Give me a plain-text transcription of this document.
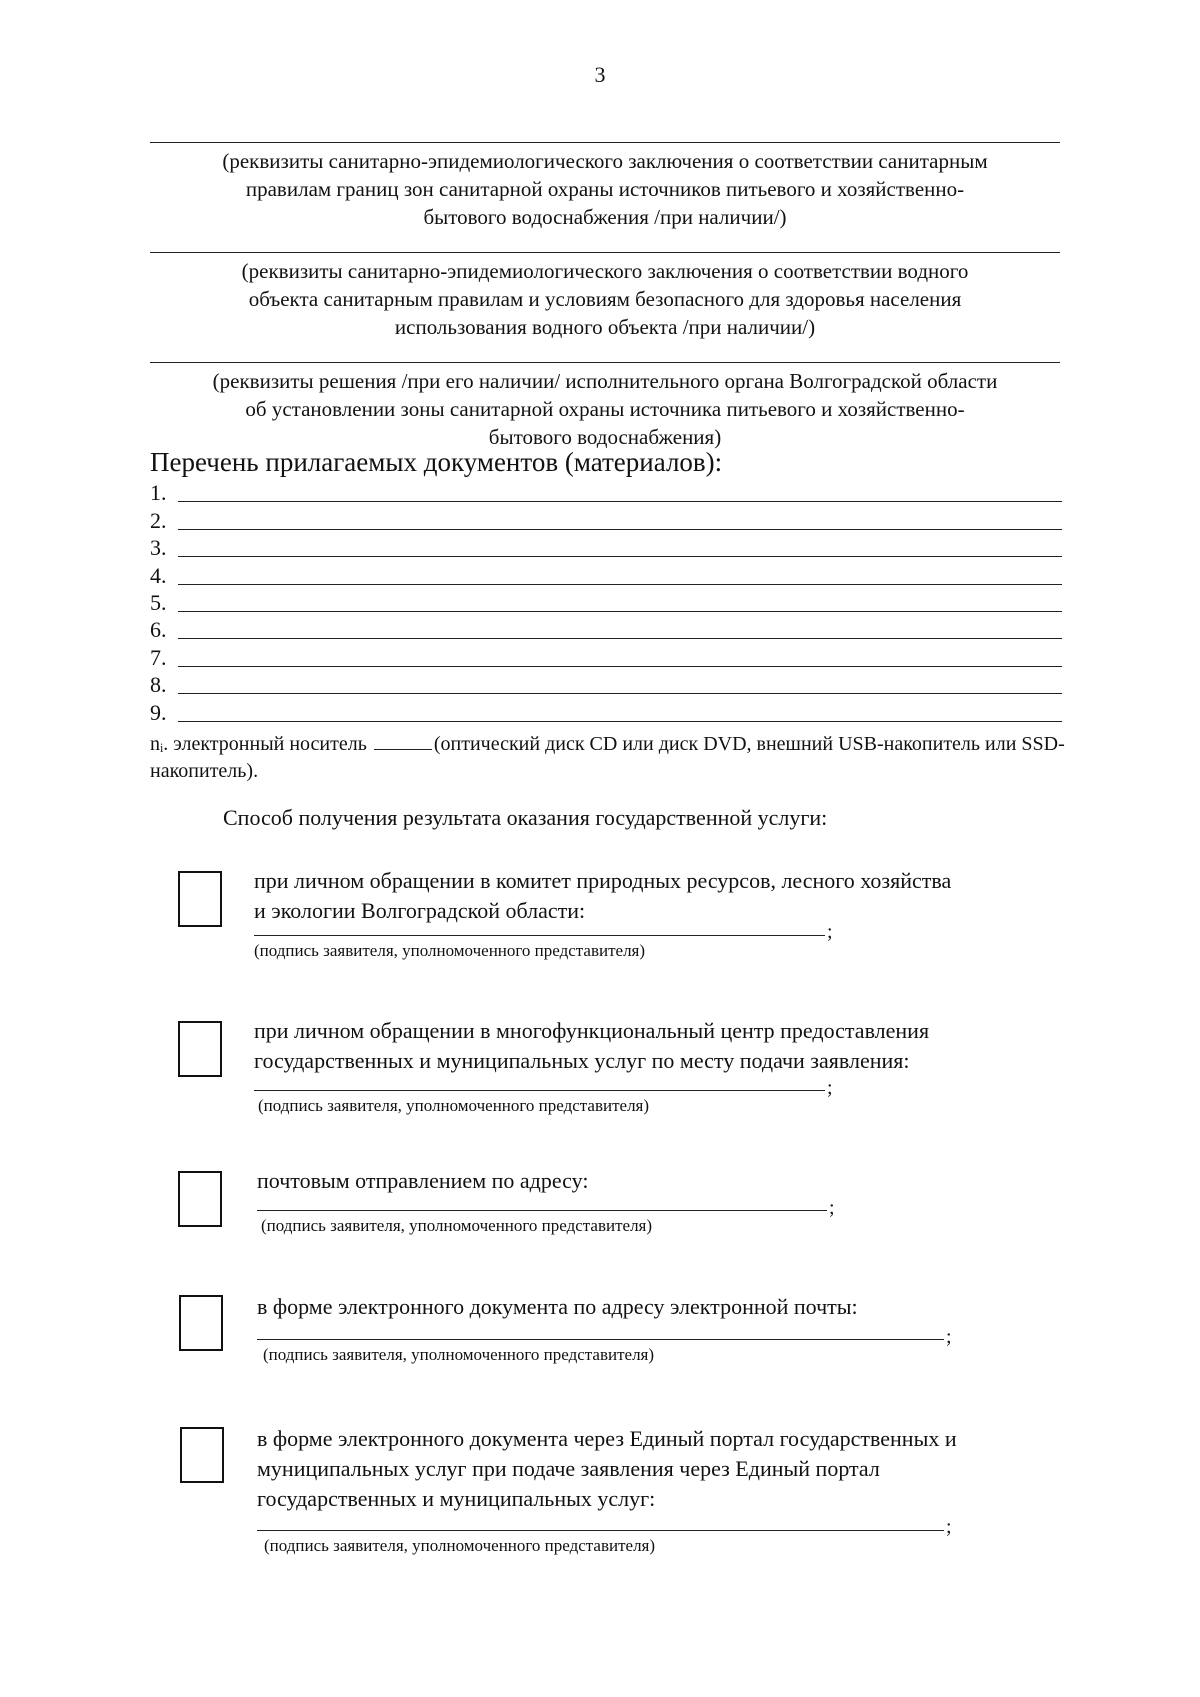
3
(реквизиты санитарно-эпидемиологического заключения о соответствии санитарным
правилам границ зон санитарной охраны источников питьевого и хозяйственно-
бытового водоснабжения /при наличии/)
(реквизиты санитарно-эпидемиологического заключения о соответствии водного
объекта санитарным правилам и условиям безопасного для здоровья населения
использования водного объекта /при наличии/)
(реквизиты решения /при его наличии/ исполнительного органа Волгоградской области
об установлении зоны санитарной охраны источника питьевого и хозяйственно-
бытового водоснабжения)
Перечень прилагаемых документов (материалов):
1.
2.
3.
4.
5.
6.
7.
8.
9.
nᵢ. электронный носитель	(оптический диск CD или диск DVD, внешний USB-накопитель или SSD-накопитель).
Способ получения результата оказания государственной услуги:
при личном обращении в комитет природных ресурсов, лесного хозяйства
и экологии Волгоградской области:
;
(подпись заявителя, уполномоченного представителя)
при личном обращении в многофункциональный центр предоставления
государственных и муниципальных услуг по месту подачи заявления:
;
(подпись заявителя, уполномоченного представителя)
почтовым отправлением по адресу:
;
(подпись заявителя, уполномоченного представителя)
в форме электронного документа по адресу электронной почты:
;
(подпись заявителя, уполномоченного представителя)
в форме электронного документа через Единый портал государственных и
муниципальных услуг при подаче заявления через Единый портал
государственных и муниципальных услуг:
;
(подпись заявителя, уполномоченного представителя)
